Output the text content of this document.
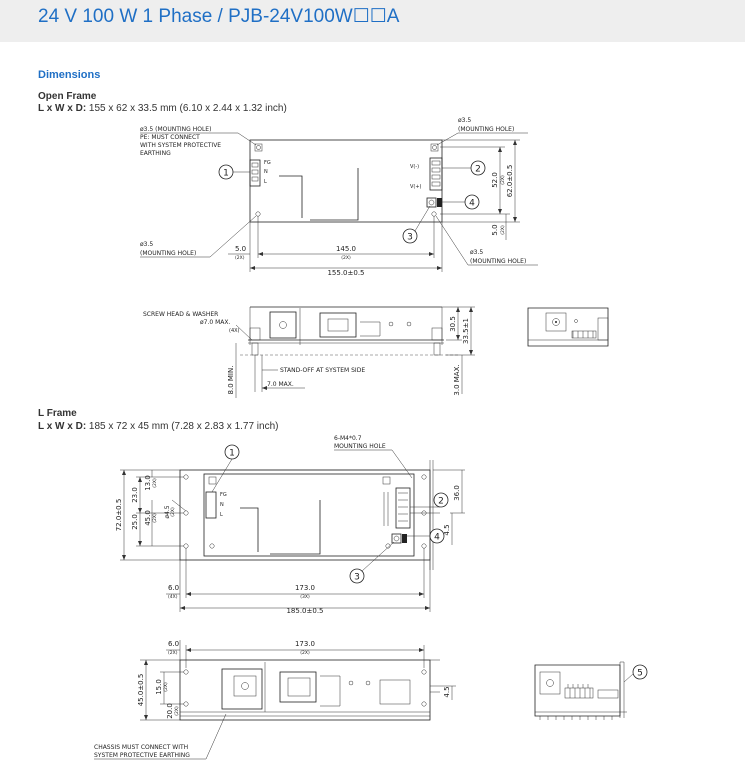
24 V 100 W 1 Phase / PJB-24V100W☐☐A
Dimensions
Open Frame
L x W x D: 155 x 62 x 33.5 mm (6.10 x 2.44 x 1.32 inch)
L Frame
L x W x D: 185 x 72 x 45 mm (7.28 x 2.83 x 1.77 inch)
FG
N
L
V(-)
V(+)
1	2
4
3
ø3.5 (MOUNTING HOLE)
PE: MUST CONNECT
WITH SYSTEM PROTECTIVE
EARTHING
ø3.5
(MOUNTING HOLE)
ø3.5
(MOUNTING HOLE)	ø3.5
(MOUNTING HOLE)
5.0
(2X)
145.0
(2X)
155.0±0.5
52.0 (2X) 62.0±0.5
5.0 (2X)
SCREW HEAD & WASHER
ø7.0 MAX.
(4X)	30.5 33.5±1
3.0 MAX.
8.0 MIN.	STAND-OFF AT SYSTEM SIDE
7.0 MAX.
FG
N
L
1
2
4
3
6-M4*0.7
MOUNTING HOLE
72.0±0.5
23.0
25.0
13.0 (2X)
45.0 (2X) ø4.5 (2X)
6.0
(4X)
173.0
(3X)
185.0±0.5
36.0
4.5
6.0
(2X)
173.0
(2X)
45.0±0.5 15.0 (2X)
20.0 (2X)
4.5
CHASSIS MUST CONNECT WITH
SYSTEM PROTECTIVE EARTHING
5
